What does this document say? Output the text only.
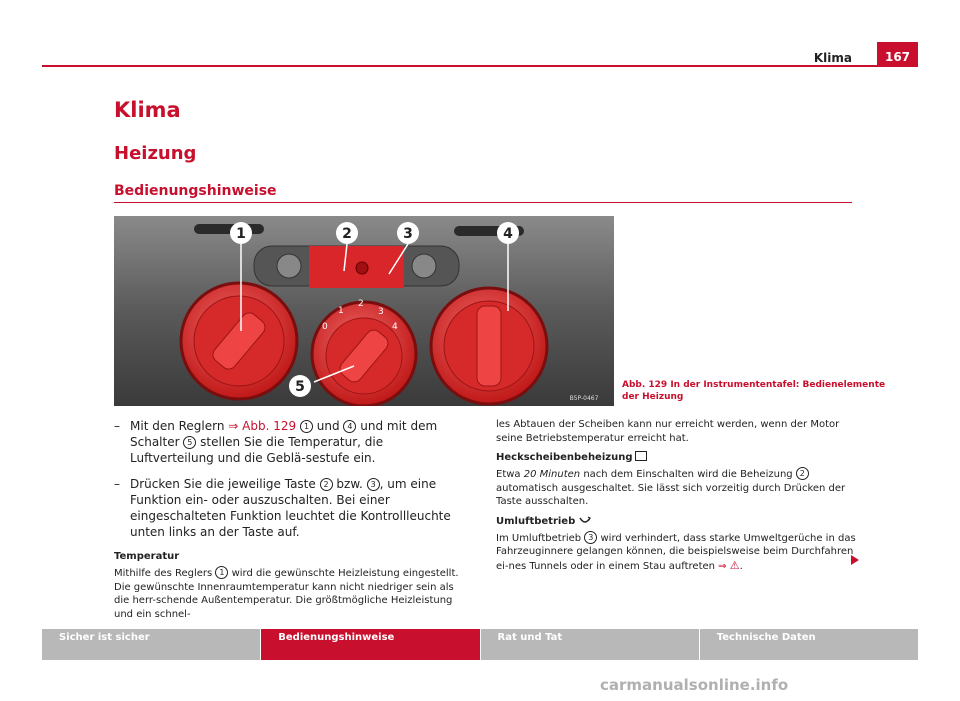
Klima	167
Klima
Heizung
Bedienungshinweise
0
1
2
3
4
1	2	3	4
5
B5P-0467
Abb. 129 In der Instrumententafel: Bedienelemente
der Heizung
– Mit den Reglern ⇒ Abb. 129 1 und 4 und mit dem Schalter 5 stellen Sie die Temperatur, die Luftverteilung und die Geblä-sestufe ein.
– Drücken Sie die jeweilige Taste 2 bzw. 3 , um eine Funktion ein- oder auszuschalten. Bei einer eingeschalteten Funktion leuchtet die Kontrollleuchte unten links an der Taste auf.
Temperatur
Mithilfe des Reglers 1 wird die gewünschte Heizleistung eingestellt. Die gewünschte Innenraumtemperatur kann nicht niedriger sein als die herr-schende Außentemperatur. Die größtmögliche Heizleistung und ein schnel-
les Abtauen der Scheiben kann nur erreicht werden, wenn der Motor seine Betriebstemperatur erreicht hat.
Heckscheibenbeheizung
Etwa 20 Minuten nach dem Einschalten wird die Beheizung 2 automatisch ausgeschaltet. Sie lässt sich vorzeitig durch Drücken der Taste ausschalten.
Umluftbetrieb
Im Umluftbetrieb 3 wird verhindert, dass starke Umweltgerüche in das Fahrzeuginnere gelangen können, die beispielsweise beim Durchfahren ei-nes Tunnels oder in einem Stau auftreten ⇒ ⚠.
Sicher ist sicher	Bedienungshinweise	Rat und Tat	Technische Daten
carmanualsonline.info
